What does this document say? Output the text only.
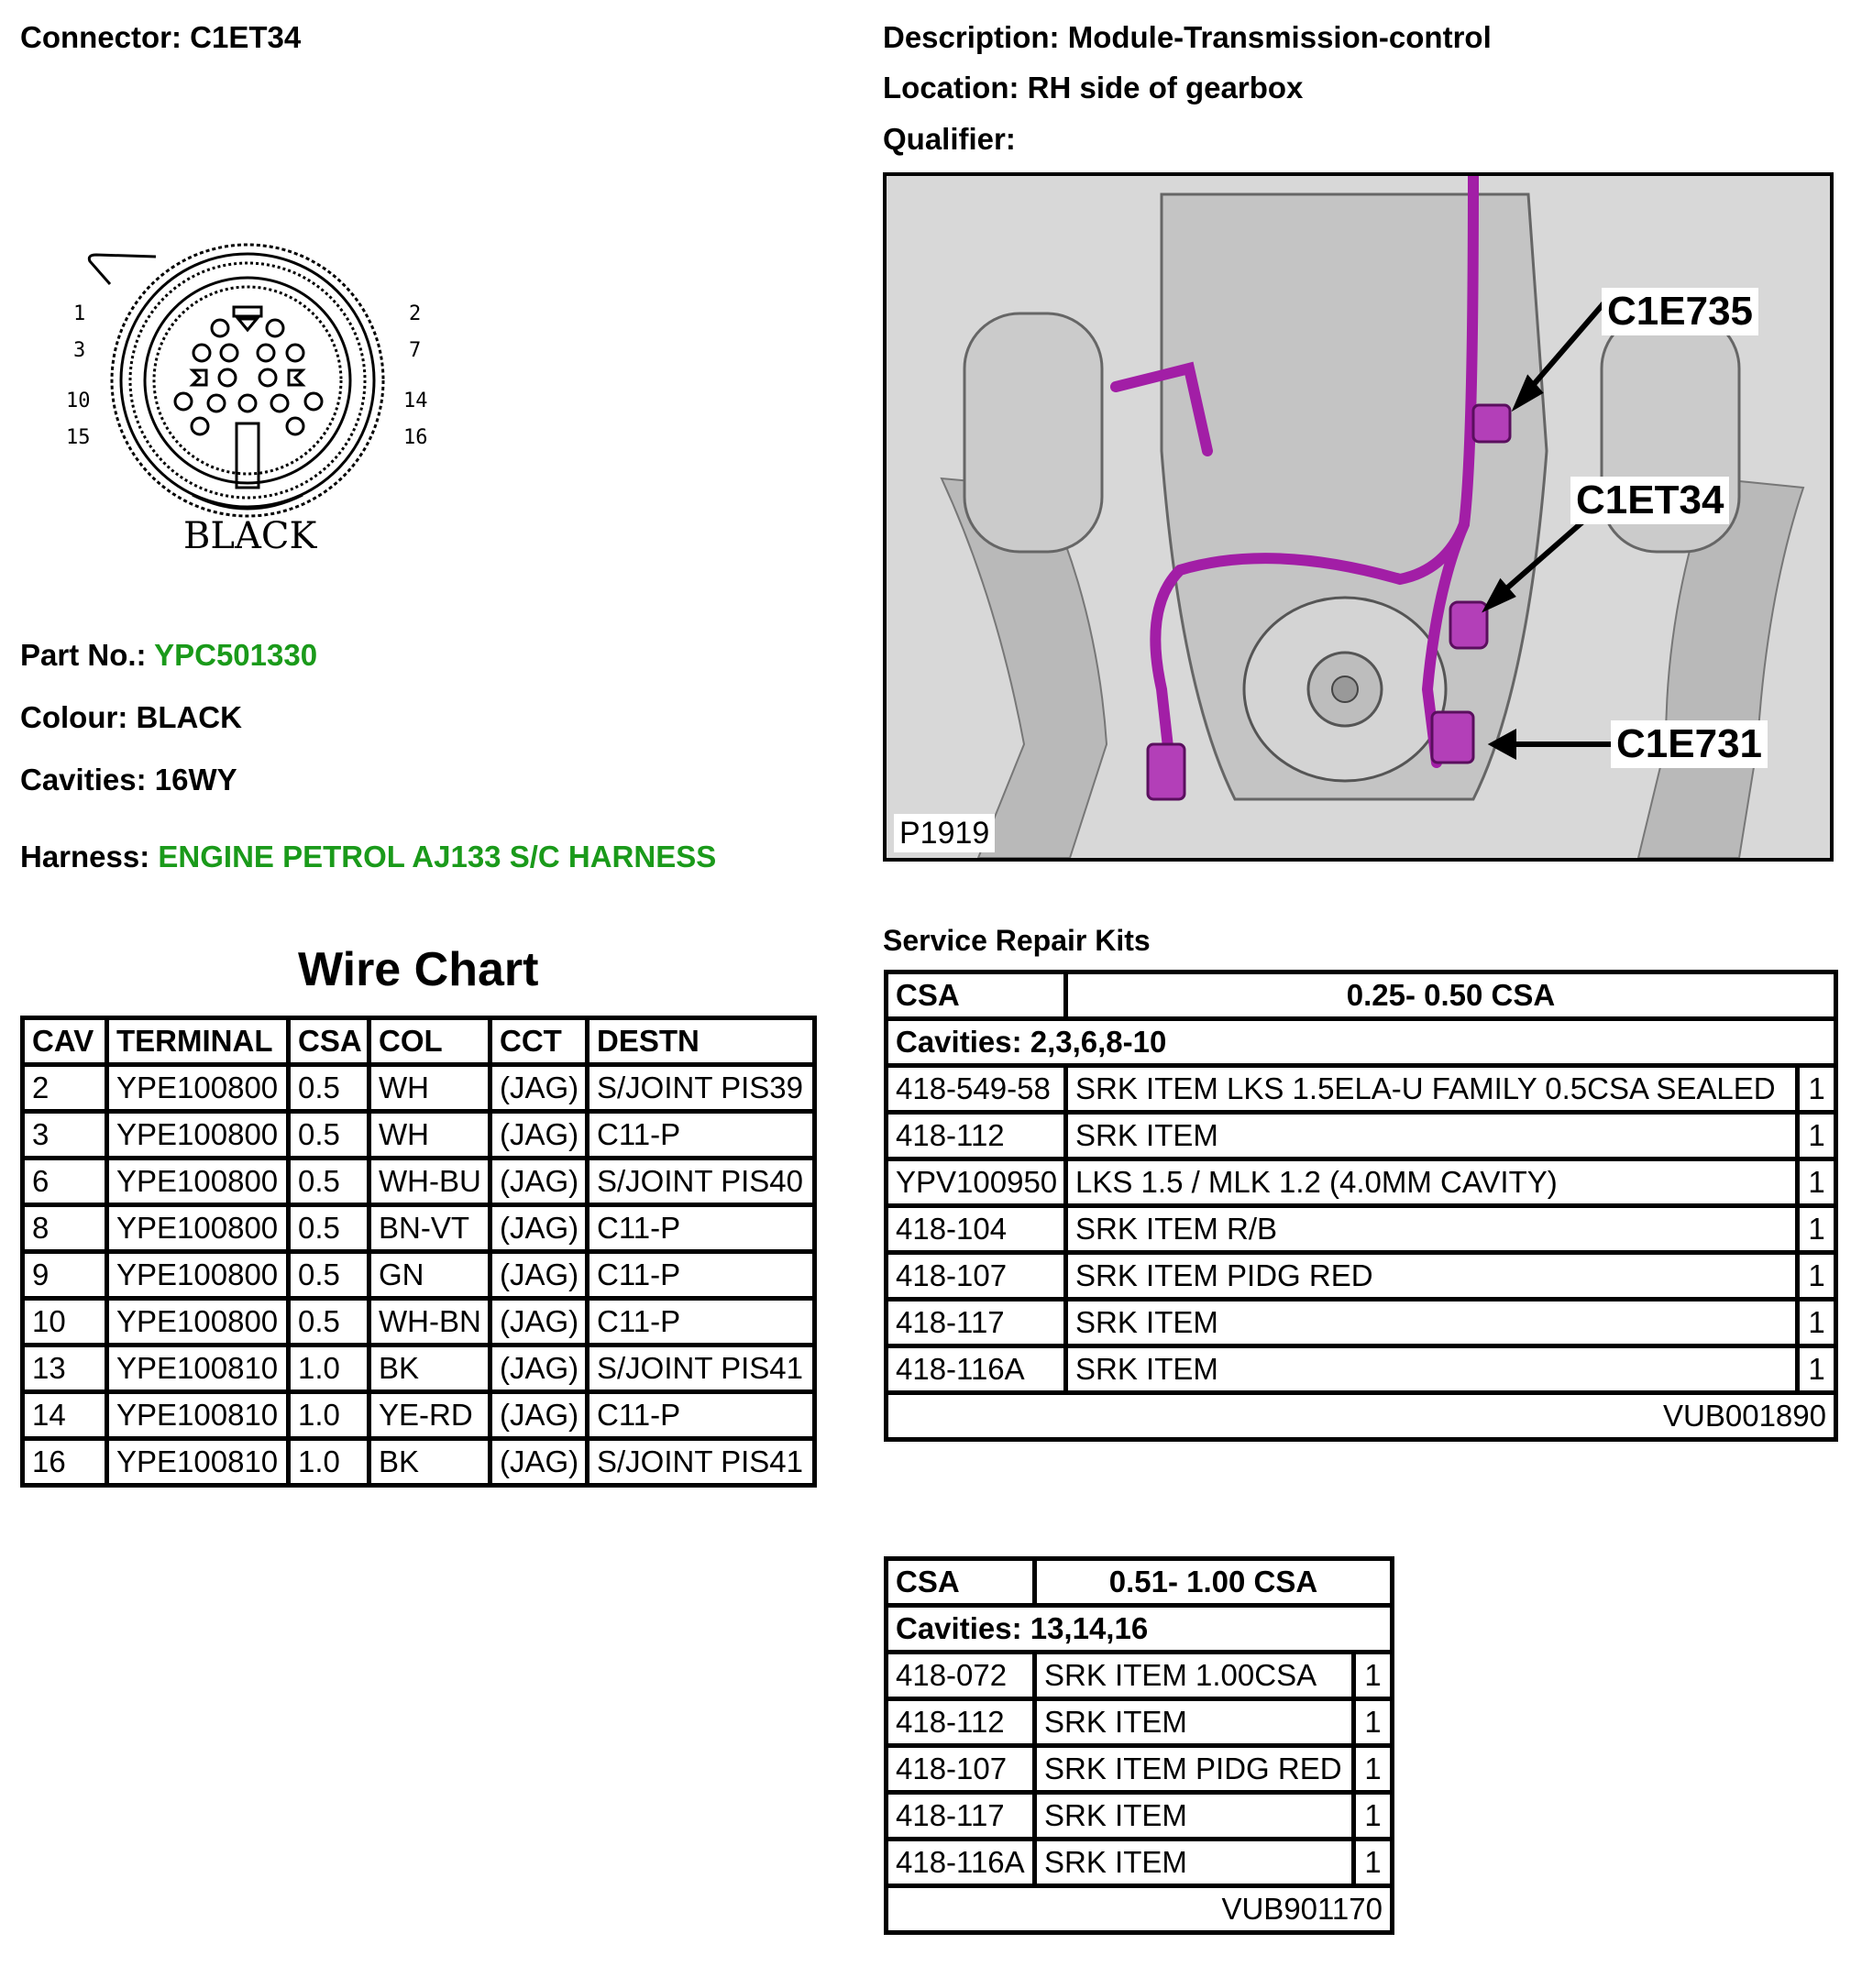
Connector: C1ET34	Description: Module-Transmission-control
Location: RH side of gearbox
Qualifier:
BLACK
1
3
10
15
2
7
14
16
Part No.: YPC501330
Colour: BLACK
Cavities: 16WY
Harness: ENGINE PETROL AJ133 S/C HARNESS
C1E735
C1ET34
C1E731
P1919
Wire Chart
CAV	TERMINAL	CSA	COL	CCT	DESTN
2	YPE100800	0.5	WH	(JAG)	S/JOINT PIS39
3	YPE100800	0.5	WH	(JAG)	C11-P
6	YPE100800	0.5	WH-BU	(JAG)	S/JOINT PIS40
8	YPE100800	0.5	BN-VT	(JAG)	C11-P
9	YPE100800	0.5	GN	(JAG)	C11-P
10	YPE100800	0.5	WH-BN	(JAG)	C11-P
13	YPE100810	1.0	BK	(JAG)	S/JOINT PIS41
14	YPE100810	1.0	YE-RD	(JAG)	C11-P
16	YPE100810	1.0	BK	(JAG)	S/JOINT PIS41
Service Repair Kits
CSA	0.25- 0.50 CSA	
Cavities: 2,3,6,8-10		
418-549-58	SRK ITEM LKS 1.5ELA-U FAMILY 0.5CSA SEALED	1
418-112	SRK ITEM	1
YPV100950	LKS 1.5 / MLK 1.2 (4.0MM CAVITY)	1
418-104	SRK ITEM R/B	1
418-107	SRK ITEM PIDG RED	1
418-117	SRK ITEM	1
418-116A	SRK ITEM	1
VUB001890		
CSA	0.51- 1.00 CSA	
Cavities: 13,14,16		
418-072	SRK ITEM 1.00CSA	1
418-112	SRK ITEM	1
418-107	SRK ITEM PIDG RED	1
418-117	SRK ITEM	1
418-116A	SRK ITEM	1
VUB901170		
